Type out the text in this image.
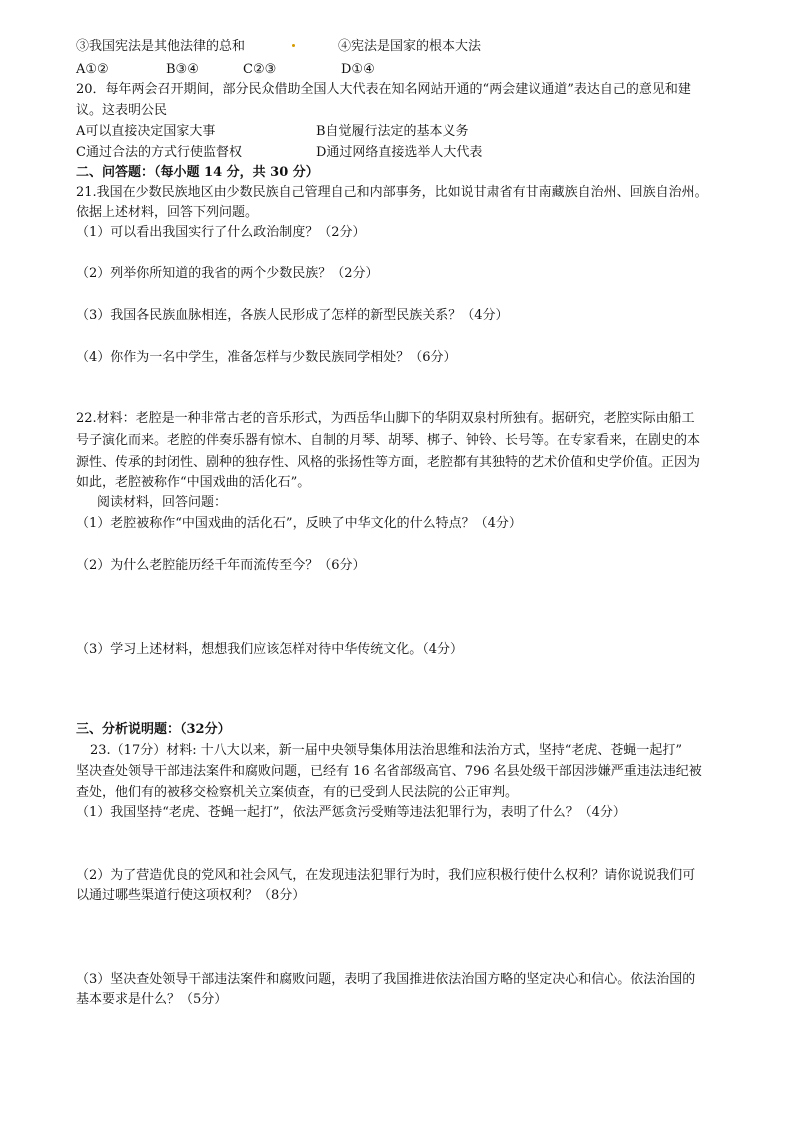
③我国宪法是其他法律的总和	④宪法是国家的根本大法
A①②	B③④	C②③	D①④
20．每年两会召开期间，部分民众借助全国人大代表在知名网站开通的“两会建议通道”表达自己的意见和建
议。这表明公民
A可以直接决定国家大事	B自觉履行法定的基本义务
C通过合法的方式行使监督权	D通过网络直接选举人大代表
二、问答题：（每小题 14 分，共 30 分）
21.我国在少数民族地区由少数民族自己管理自己和内部事务，比如说甘肃省有甘南藏族自治州、回族自治州。
依据上述材料，回答下列问题。
（1）可以看出我国实行了什么政治制度？（2分）
（2）列举你所知道的我省的两个少数民族？（2分）
（3）我国各民族血脉相连，各族人民形成了怎样的新型民族关系？（4分）
（4）你作为一名中学生，准备怎样与少数民族同学相处？（6分）
22.材料：老腔是一种非常古老的音乐形式，为西岳华山脚下的华阴双泉村所独有。据研究，老腔实际由船工
号子演化而来。老腔的伴奏乐器有惊木、自制的月琴、胡琴、梆子、钟铃、长号等。在专家看来，在剧史的本
源性、传承的封闭性、剧种的独存性、风格的张扬性等方面，老腔都有其独特的艺术价值和史学价值。正因为
如此，老腔被称作“中国戏曲的活化石”。
阅读材料，回答问题：
（1）老腔被称作“中国戏曲的活化石”，反映了中华文化的什么特点？（4分）
（2）为什么老腔能历经千年而流传至今？（6分）
（3）学习上述材料，想想我们应该怎样对待中华传统文化。（4分）
三、分析说明题：（32分）
23.（17分）材料: 十八大以来，新一届中央领导集体用法治思维和法治方式，坚持“老虎、苍蝇一起打”
坚决查处领导干部违法案件和腐败问题，已经有 16 名省部级高官、796 名县处级干部因涉嫌严重违法违纪被
查处，他们有的被移交检察机关立案侦查，有的已受到人民法院的公正审判。
（1）我国坚持“老虎、苍蝇一起打”，依法严惩贪污受贿等违法犯罪行为，表明了什么？（4分）
（2）为了营造优良的党风和社会风气，在发现违法犯罪行为时，我们应积极行使什么权利？请你说说我们可
以通过哪些渠道行使这项权利？（8分）
（3）坚决查处领导干部违法案件和腐败问题，表明了我国推进依法治国方略的坚定决心和信心。依法治国的
基本要求是什么？（5分）
